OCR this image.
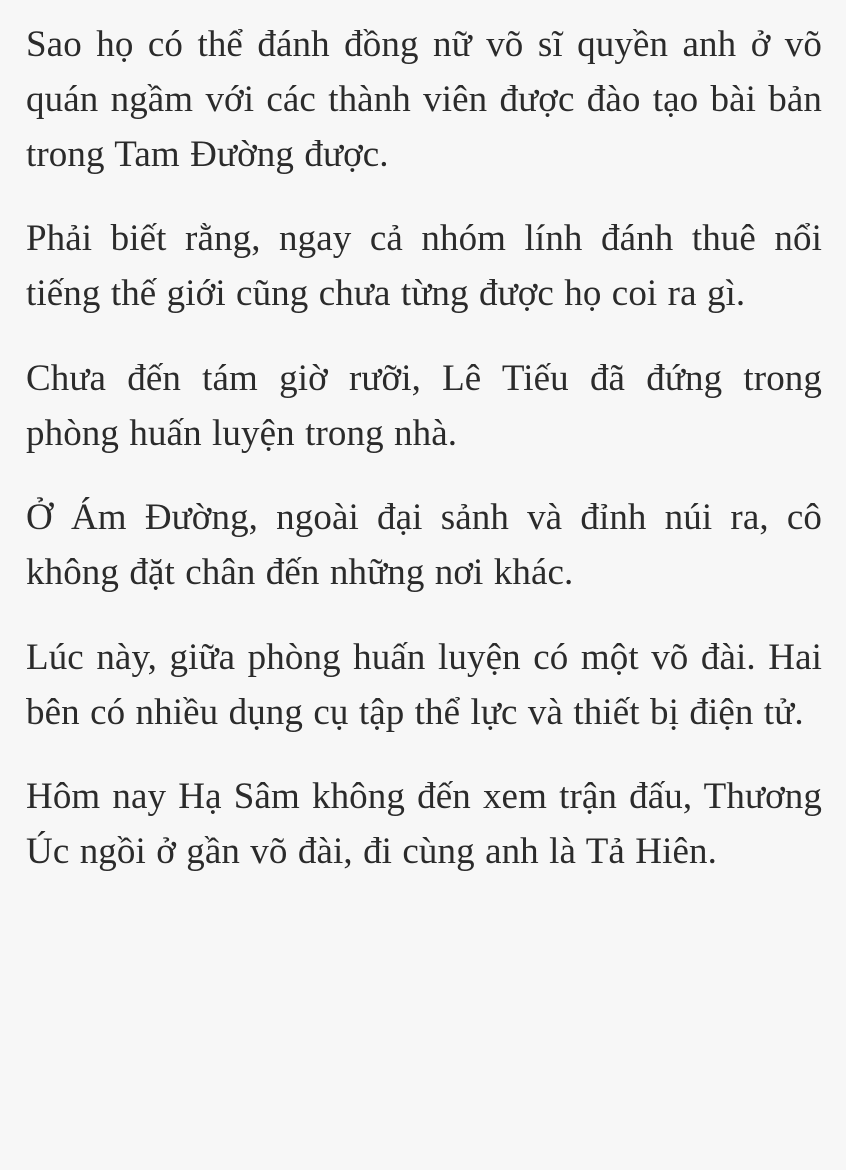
Sao họ có thể đánh đồng nữ võ sĩ quyền anh ở võ quán ngầm với các thành viên được đào tạo bài bản trong Tam Đường được.

Phải biết rằng, ngay cả nhóm lính đánh thuê nổi tiếng thế giới cũng chưa từng được họ coi ra gì.

Chưa đến tám giờ rưỡi, Lê Tiếu đã đứng trong phòng huấn luyện trong nhà.

Ở Ám Đường, ngoài đại sảnh và đỉnh núi ra, cô không đặt chân đến những nơi khác.

Lúc này, giữa phòng huấn luyện có một võ đài. Hai bên có nhiều dụng cụ tập thể lực và thiết bị điện tử.

Hôm nay Hạ Sâm không đến xem trận đấu, Thương Úc ngồi ở gần võ đài, đi cùng anh là Tả Hiên.
